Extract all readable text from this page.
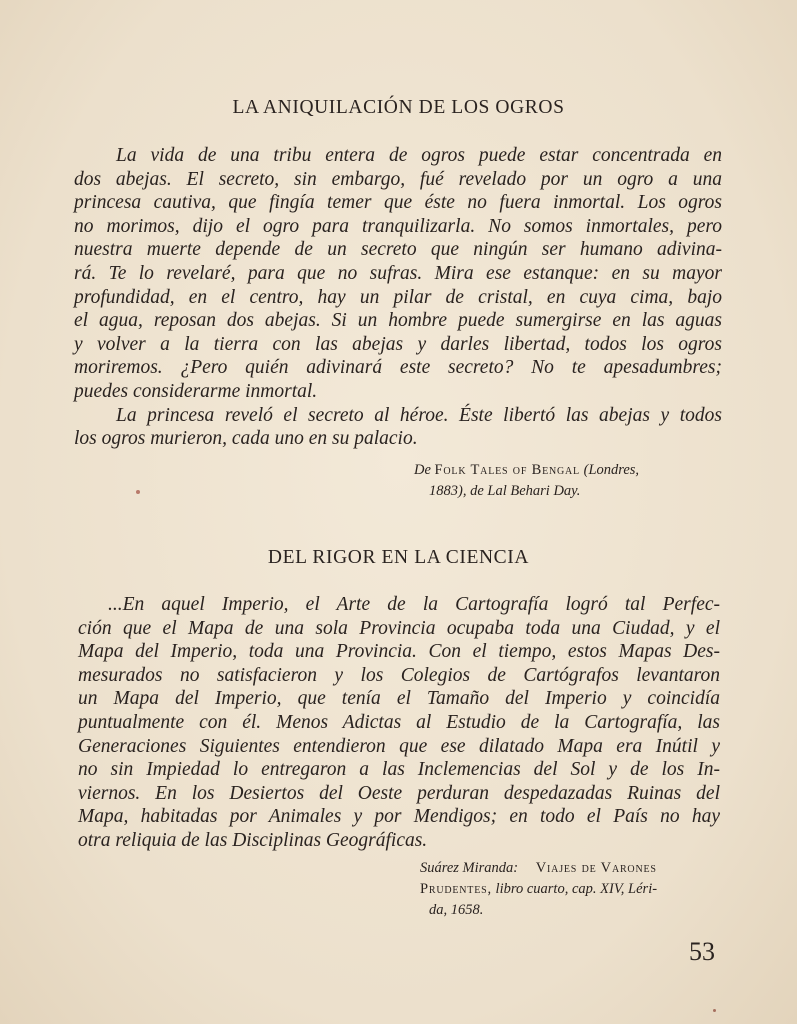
LA ANIQUILACIÓN DE LOS OGROS
La vida de una tribu entera de ogros puede estar concentrada en
dos abejas. El secreto, sin embargo, fué revelado por un ogro a una
princesa cautiva, que fingía temer que éste no fuera inmortal. Los ogros
no morimos, dijo el ogro para tranquilizarla. No somos inmortales, pero
nuestra muerte depende de un secreto que ningún ser humano adivina-
rá. Te lo revelaré, para que no sufras. Mira ese estanque: en su mayor
profundidad, en el centro, hay un pilar de cristal, en cuya cima, bajo
el agua, reposan dos abejas. Si un hombre puede sumergirse en las aguas
y volver a la tierra con las abejas y darles libertad, todos los ogros
moriremos. ¿Pero quién adivinará este secreto? No te apesadumbres;
puedes considerarme inmortal.
La princesa reveló el secreto al héroe. Éste libertó las abejas y todos
los ogros murieron, cada uno en su palacio.
De Folk Tales of Bengal (Londres,
1883), de Lal Behari Day.
DEL RIGOR EN LA CIENCIA
...En aquel Imperio, el Arte de la Cartografía logró tal Perfec-
ción que el Mapa de una sola Provincia ocupaba toda una Ciudad, y el
Mapa del Imperio, toda una Provincia. Con el tiempo, estos Mapas Des-
mesurados no satisfacieron y los Colegios de Cartógrafos levantaron
un Mapa del Imperio, que tenía el Tamaño del Imperio y coincidía
puntualmente con él. Menos Adictas al Estudio de la Cartografía, las
Generaciones Siguientes entendieron que ese dilatado Mapa era Inútil y
no sin Impiedad lo entregaron a las Inclemencias del Sol y de los In-
viernos. En los Desiertos del Oeste perduran despedazadas Ruinas del
Mapa, habitadas por Animales y por Mendigos; en todo el País no hay
otra reliquia de las Disciplinas Geográficas.
Suárez Miranda: Viajes de Varones
Prudentes, libro cuarto, cap. XIV, Léri-
da, 1658.
53
